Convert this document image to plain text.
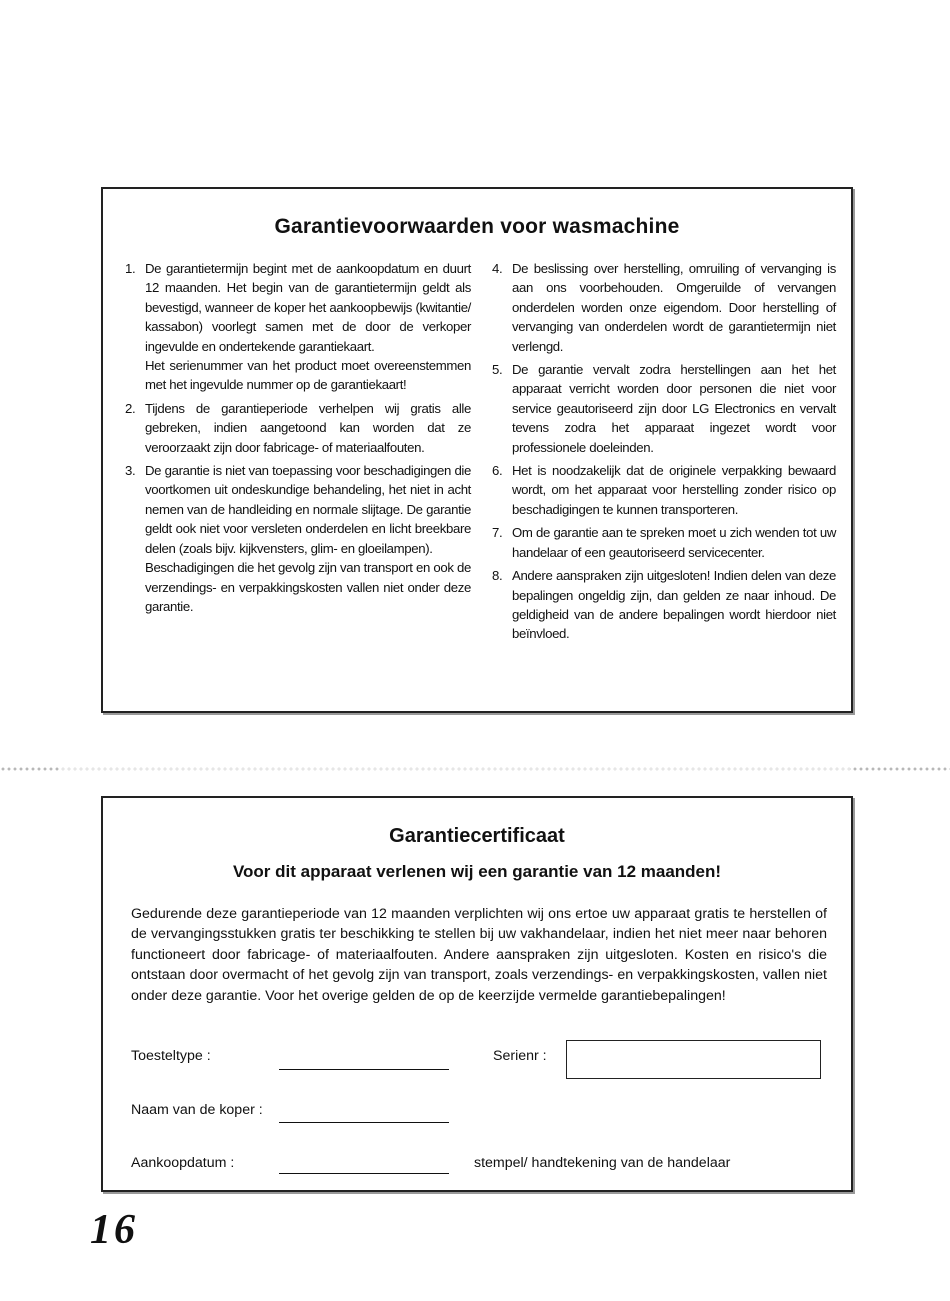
Garantievoorwaarden voor wasmachine
1. De garantietermijn begint met de aankoopdatum en duurt 12 maanden. Het begin van de garantietermijn geldt als bevestigd, wanneer de koper het aankoopbewijs (kwitantie/ kassabon) voorlegt samen met de door de verkoper ingevulde en ondertekende garantiekaart.
Het serienummer van het product moet overeenstemmen met het ingevulde nummer op de garantiekaart!
2. Tijdens de garantieperiode verhelpen wij gratis alle gebreken, indien aangetoond kan worden dat ze veroorzaakt zijn door fabricage- of materiaalfouten.
3. De garantie is niet van toepassing voor beschadigingen die voortkomen uit ondeskundige behandeling, het niet in acht nemen van de handleiding en normale slijtage. De garantie geldt ook niet voor versleten onderdelen en licht breekbare delen (zoals bijv. kijkvensters, glim- en gloeilampen).
Beschadigingen die het gevolg zijn van transport en ook de verzendings- en verpakkingskosten vallen niet onder deze garantie.
4. De beslissing over herstelling, omruiling of vervanging is aan ons voorbehouden. Omgeruilde of vervangen onderdelen worden onze eigendom. Door herstelling of vervanging van onderdelen wordt de garantietermijn niet verlengd.
5. De garantie vervalt zodra herstellingen aan het het apparaat verricht worden door personen die niet voor service geautoriseerd zijn door LG Electronics en vervalt tevens zodra het apparaat ingezet wordt voor professionele doeleinden.
6. Het is noodzakelijk dat de originele verpakking bewaard wordt, om het apparaat voor herstelling zonder risico op beschadigingen te kunnen transporteren.
7. Om de garantie aan te spreken moet u zich wenden tot uw handelaar of een geautoriseerd servicecenter.
8. Andere aanspraken zijn uitgesloten! Indien delen van deze bepalingen ongeldig zijn, dan gelden ze naar inhoud. De geldigheid van de andere bepalingen wordt hierdoor niet beïnvloed.
Garantiecertificaat
Voor dit apparaat verlenen wij een garantie van 12 maanden!

Gedurende deze garantieperiode van 12 maanden verplichten wij ons ertoe uw apparaat gratis te herstellen of de vervangingsstukken gratis ter beschikking te stellen bij uw vakhandelaar, indien het niet meer naar behoren functioneert door fabricage- of materiaalfouten. Andere aanspraken zijn uitgesloten. Kosten en risico's die ontstaan door overmacht of het gevolg zijn van transport, zoals verzendings- en verpakkingskosten, vallen niet onder deze garantie. Voor het overige gelden de op de keerzijde vermelde garantiebepalingen!

Toesteltype :	Serienr :
Naam van de koper :
Aankoopdatum :	stempel/ handtekening van de handelaar
16
